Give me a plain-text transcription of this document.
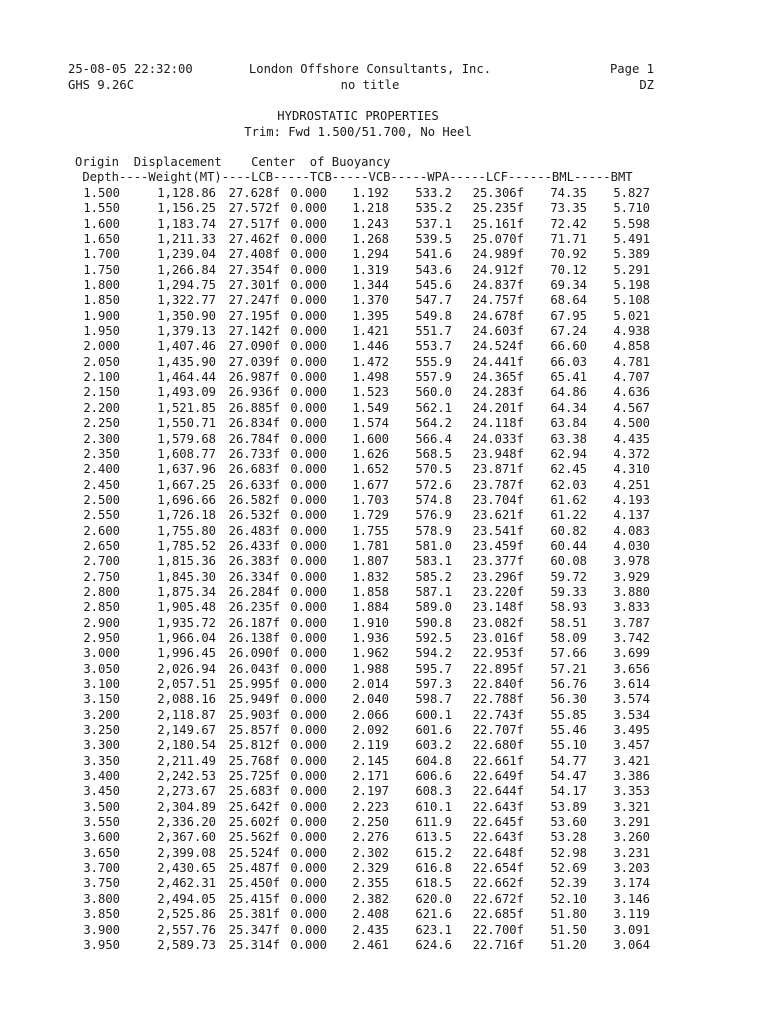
25-08-05 22:32:00	London Offshore Consultants, Inc.	Page 1
GHS 9.26C	no title	DZ
HYDROSTATIC PROPERTIES
Trim: Fwd 1.500/51.700, No Heel
Origin  Displacement    Center  of Buoyancy
Depth----Weight(MT)----LCB-----TCB-----VCB-----WPA-----LCF------BML-----BMT
1.500	1,128.86	27.628f 0.000	1.192	533.2	25.306f	74.35	5.827
1.550	1,156.25	27.572f 0.000	1.218	535.2	25.235f	73.35	5.710
1.600	1,183.74	27.517f 0.000	1.243	537.1	25.161f	72.42	5.598
1.650	1,211.33	27.462f 0.000	1.268	539.5	25.070f	71.71	5.491
1.700	1,239.04	27.408f 0.000	1.294	541.6	24.989f	70.92	5.389
1.750	1,266.84	27.354f 0.000	1.319	543.6	24.912f	70.12	5.291
1.800	1,294.75	27.301f 0.000	1.344	545.6	24.837f	69.34	5.198
1.850	1,322.77	27.247f 0.000	1.370	547.7	24.757f	68.64	5.108
1.900	1,350.90	27.195f 0.000	1.395	549.8	24.678f	67.95	5.021
1.950	1,379.13	27.142f 0.000	1.421	551.7	24.603f	67.24	4.938
2.000	1,407.46	27.090f 0.000	1.446	553.7	24.524f	66.60	4.858
2.050	1,435.90	27.039f 0.000	1.472	555.9	24.441f	66.03	4.781
2.100	1,464.44	26.987f 0.000	1.498	557.9	24.365f	65.41	4.707
2.150	1,493.09	26.936f 0.000	1.523	560.0	24.283f	64.86	4.636
2.200	1,521.85	26.885f 0.000	1.549	562.1	24.201f	64.34	4.567
2.250	1,550.71	26.834f 0.000	1.574	564.2	24.118f	63.84	4.500
2.300	1,579.68	26.784f 0.000	1.600	566.4	24.033f	63.38	4.435
2.350	1,608.77	26.733f 0.000	1.626	568.5	23.948f	62.94	4.372
2.400	1,637.96	26.683f 0.000	1.652	570.5	23.871f	62.45	4.310
2.450	1,667.25	26.633f 0.000	1.677	572.6	23.787f	62.03	4.251
2.500	1,696.66	26.582f 0.000	1.703	574.8	23.704f	61.62	4.193
2.550	1,726.18	26.532f 0.000	1.729	576.9	23.621f	61.22	4.137
2.600	1,755.80	26.483f 0.000	1.755	578.9	23.541f	60.82	4.083
2.650	1,785.52	26.433f 0.000	1.781	581.0	23.459f	60.44	4.030
2.700	1,815.36	26.383f 0.000	1.807	583.1	23.377f	60.08	3.978
2.750	1,845.30	26.334f 0.000	1.832	585.2	23.296f	59.72	3.929
2.800	1,875.34	26.284f 0.000	1.858	587.1	23.220f	59.33	3.880
2.850	1,905.48	26.235f 0.000	1.884	589.0	23.148f	58.93	3.833
2.900	1,935.72	26.187f 0.000	1.910	590.8	23.082f	58.51	3.787
2.950	1,966.04	26.138f 0.000	1.936	592.5	23.016f	58.09	3.742
3.000	1,996.45	26.090f 0.000	1.962	594.2	22.953f	57.66	3.699
3.050	2,026.94	26.043f 0.000	1.988	595.7	22.895f	57.21	3.656
3.100	2,057.51	25.995f 0.000	2.014	597.3	22.840f	56.76	3.614
3.150	2,088.16	25.949f 0.000	2.040	598.7	22.788f	56.30	3.574
3.200	2,118.87	25.903f 0.000	2.066	600.1	22.743f	55.85	3.534
3.250	2,149.67	25.857f 0.000	2.092	601.6	22.707f	55.46	3.495
3.300	2,180.54	25.812f 0.000	2.119	603.2	22.680f	55.10	3.457
3.350	2,211.49	25.768f 0.000	2.145	604.8	22.661f	54.77	3.421
3.400	2,242.53	25.725f 0.000	2.171	606.6	22.649f	54.47	3.386
3.450	2,273.67	25.683f 0.000	2.197	608.3	22.644f	54.17	3.353
3.500	2,304.89	25.642f 0.000	2.223	610.1	22.643f	53.89	3.321
3.550	2,336.20	25.602f 0.000	2.250	611.9	22.645f	53.60	3.291
3.600	2,367.60	25.562f 0.000	2.276	613.5	22.643f	53.28	3.260
3.650	2,399.08	25.524f 0.000	2.302	615.2	22.648f	52.98	3.231
3.700	2,430.65	25.487f 0.000	2.329	616.8	22.654f	52.69	3.203
3.750	2,462.31	25.450f 0.000	2.355	618.5	22.662f	52.39	3.174
3.800	2,494.05	25.415f 0.000	2.382	620.0	22.672f	52.10	3.146
3.850	2,525.86	25.381f 0.000	2.408	621.6	22.685f	51.80	3.119
3.900	2,557.76	25.347f 0.000	2.435	623.1	22.700f	51.50	3.091
3.950	2,589.73	25.314f 0.000	2.461	624.6	22.716f	51.20	3.064
